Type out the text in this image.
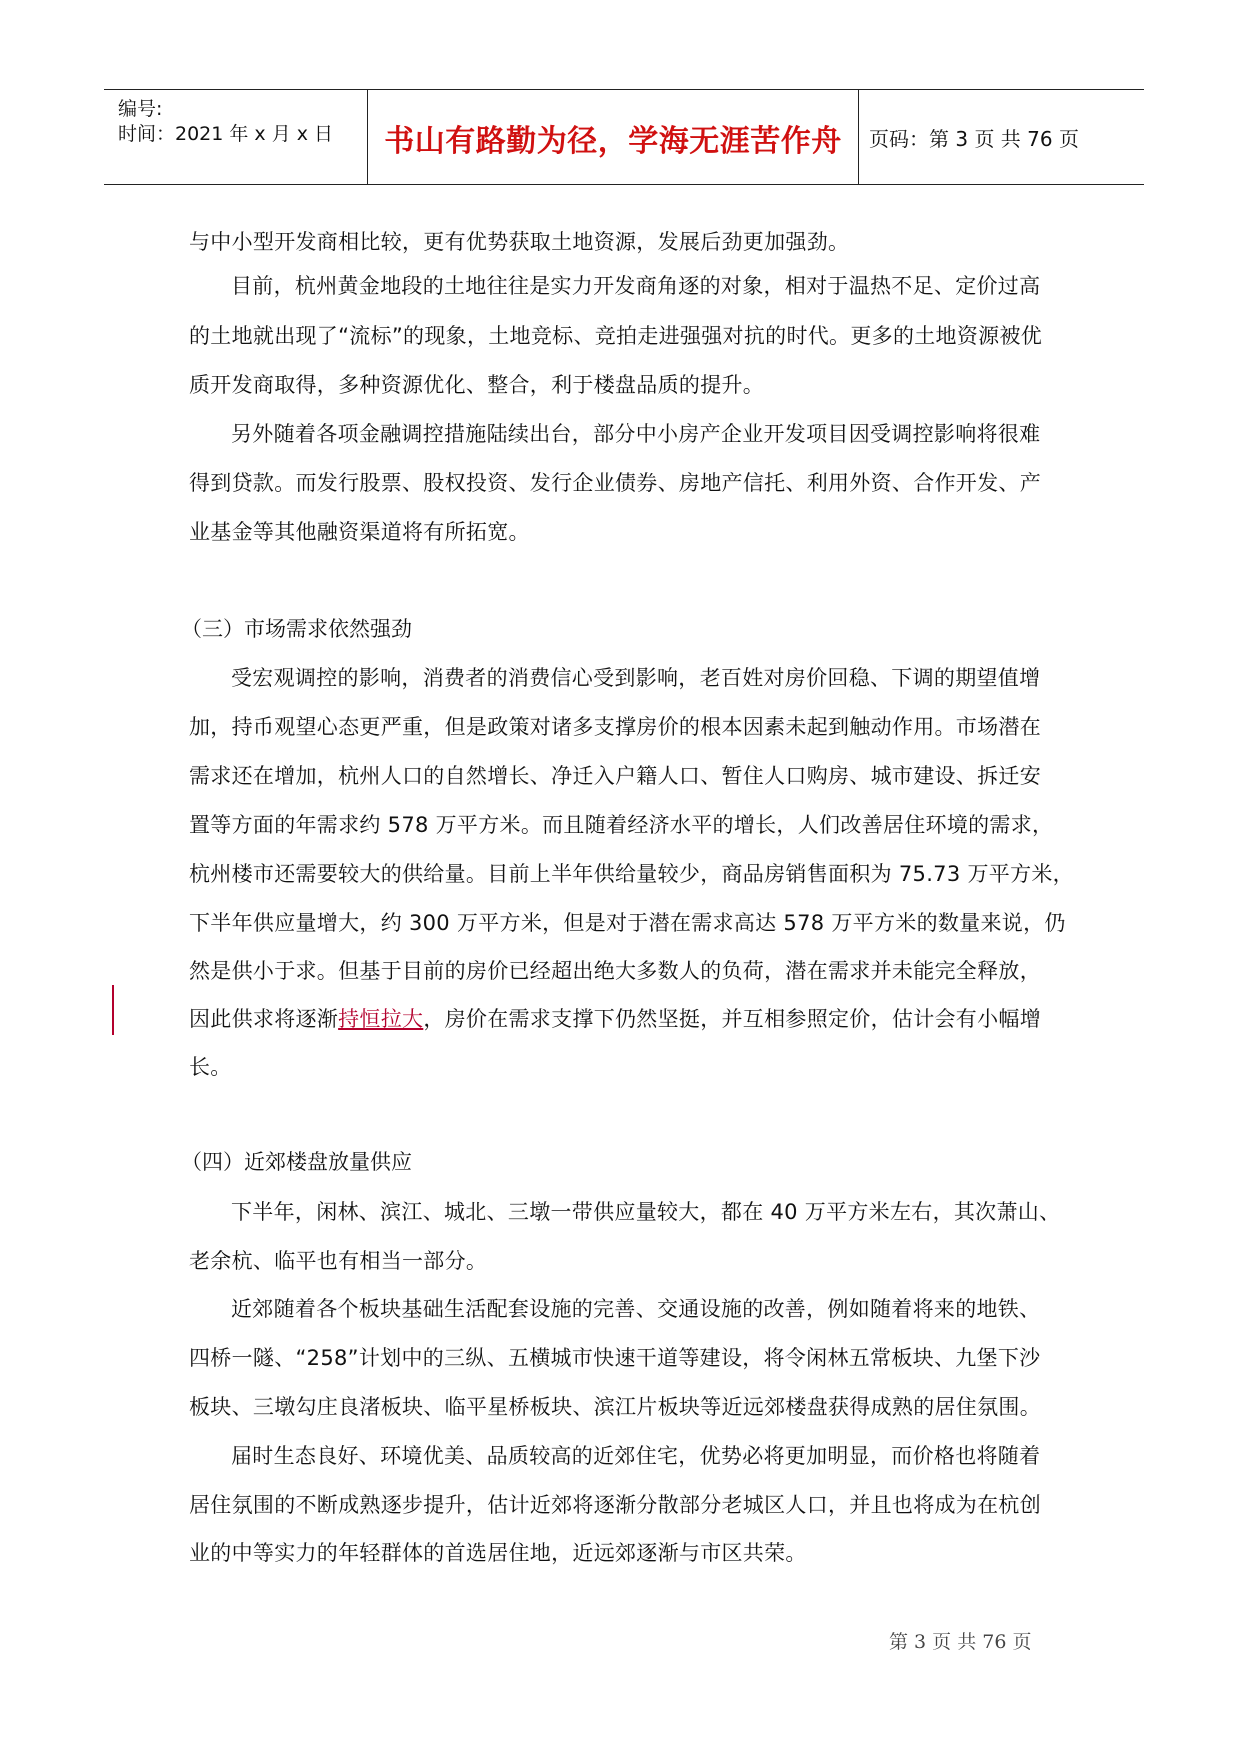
编号:
时间：2021 年 x 月 x 日	书山有路勤为径，学海无涯苦作舟	页码：第 3 页 共 76 页
与中小型开发商相比较，更有优势获取土地资源，发展后劲更加强劲。
目前，杭州黄金地段的土地往往是实力开发商角逐的对象，相对于温热不足、定价过高
的土地就出现了“流标”的现象，土地竞标、竞拍走进强强对抗的时代。更多的土地资源被优
质开发商取得，多种资源优化、整合，利于楼盘品质的提升。
另外随着各项金融调控措施陆续出台，部分中小房产企业开发项目因受调控影响将很难
得到贷款。而发行股票、股权投资、发行企业债券、房地产信托、利用外资、合作开发、产
业基金等其他融资渠道将有所拓宽。
（三）市场需求依然强劲
受宏观调控的影响，消费者的消费信心受到影响，老百姓对房价回稳、下调的期望值增
加，持币观望心态更严重，但是政策对诸多支撑房价的根本因素未起到触动作用。市场潜在
需求还在增加，杭州人口的自然增长、净迁入户籍人口、暂住人口购房、城市建设、拆迁安
置等方面的年需求约 578 万平方米。而且随着经济水平的增长，人们改善居住环境的需求，
杭州楼市还需要较大的供给量。目前上半年供给量较少，商品房销售面积为 75.73 万平方米，
下半年供应量增大，约 300 万平方米，但是对于潜在需求高达 578 万平方米的数量来说，仍
然是供小于求。但基于目前的房价已经超出绝大多数人的负荷，潜在需求并未能完全释放，
因此供求将逐渐持恒拉大，房价在需求支撑下仍然坚挺，并互相参照定价，估计会有小幅增
长。
（四）近郊楼盘放量供应
下半年，闲林、滨江、城北、三墩一带供应量较大，都在 40 万平方米左右，其次萧山、
老余杭、临平也有相当一部分。
近郊随着各个板块基础生活配套设施的完善、交通设施的改善，例如随着将来的地铁、
四桥一隧、“258”计划中的三纵、五横城市快速干道等建设，将令闲林五常板块、九堡下沙
板块、三墩勾庄良渚板块、临平星桥板块、滨江片板块等近远郊楼盘获得成熟的居住氛围。
届时生态良好、环境优美、品质较高的近郊住宅，优势必将更加明显，而价格也将随着
居住氛围的不断成熟逐步提升，估计近郊将逐渐分散部分老城区人口，并且也将成为在杭创
业的中等实力的年轻群体的首选居住地，近远郊逐渐与市区共荣。
第 3 页 共 76 页
